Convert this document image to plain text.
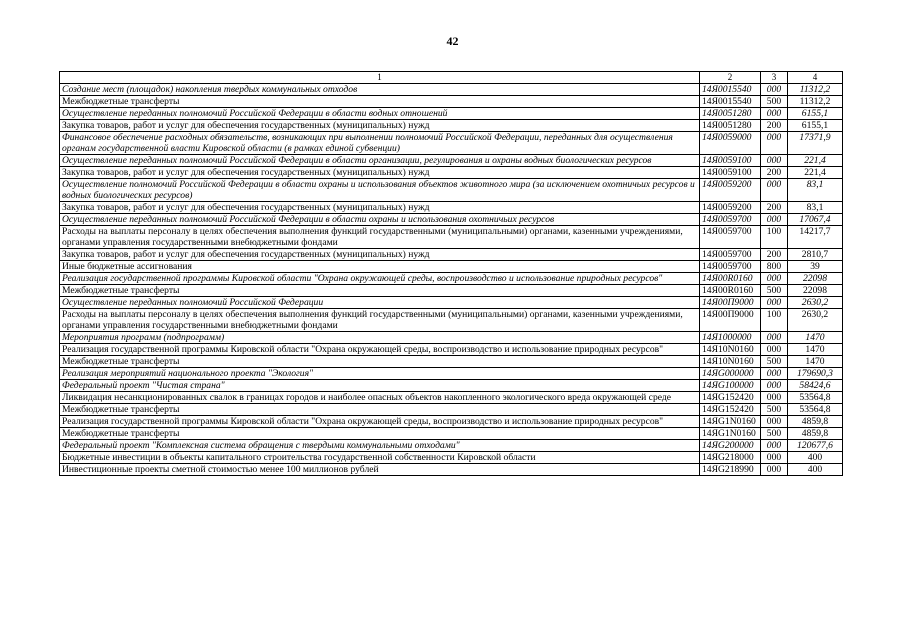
42
1	2	3	4
Создание мест (площадок) накопления твердых коммунальных отходов	14Я0015540	000	11312,2
Межбюджетные трансферты	14Я0015540	500	11312,2
Осуществление переданных полномочий Российской Федерации в области водных отношений	14Я0051280	000	6155,1
Закупка товаров, работ и услуг для обеспечения государственных (муниципальных) нужд	14Я0051280	200	6155,1
Финансовое обеспечение расходных обязательств, возникающих при выполнении полномочий Российской Федерации, переданных для осуществления органам государственной власти Кировской области (в рамках единой субвенции)	14Я0059000	000	17371,9
Осуществление переданных полномочий Российской Федерации в области организации, регулирования и охраны водных биологических ресурсов	14Я0059100	000	221,4
Закупка товаров, работ и услуг для обеспечения государственных (муниципальных) нужд	14Я0059100	200	221,4
Осуществление полномочий Российской Федерации в области охраны и использования объектов животного мира (за исключением охотничьих ресурсов и водных биологических ресурсов)	14Я0059200	000	83,1
Закупка товаров, работ и услуг для обеспечения государственных (муниципальных) нужд	14Я0059200	200	83,1
Осуществление переданных полномочий Российской Федерации в области охраны и использования охотничьих ресурсов	14Я0059700	000	17067,4
Расходы на выплаты персоналу в целях обеспечения выполнения функций государственными (муниципальными) органами, казенными учреждениями, органами управления государственными внебюджетными фондами	14Я0059700	100	14217,7
Закупка товаров, работ и услуг для обеспечения государственных (муниципальных) нужд	14Я0059700	200	2810,7
Иные бюджетные ассигнования	14Я0059700	800	39
Реализация государственной программы Кировской области "Охрана окружающей среды, воспроизводство и использование природных ресурсов"	14Я00R0160	000	22098
Межбюджетные трансферты	14Я00R0160	500	22098
Осуществление переданных полномочий Российской Федерации	14Я00П9000	000	2630,2
Расходы на выплаты персоналу в целях обеспечения выполнения функций государственными (муниципальными) органами, казенными учреждениями, органами управления государственными внебюджетными фондами	14Я00П9000	100	2630,2
Мероприятия программ (подпрограмм)	14Я1000000	000	1470
Реализация государственной программы Кировской области "Охрана окружающей среды, воспроизводство и использование природных ресурсов"	14Я10N0160	000	1470
Межбюджетные трансферты	14Я10N0160	500	1470
Реализация мероприятий национального проекта "Экология"	14ЯG000000	000	179690,3
Федеральный проект "Чистая страна"	14ЯG100000	000	58424,6
Ликвидация несанкционированных свалок в границах городов и наиболее опасных объектов накопленного экологического вреда окружающей среде	14ЯG152420	000	53564,8
Межбюджетные трансферты	14ЯG152420	500	53564,8
Реализация государственной программы Кировской области "Охрана окружающей среды, воспроизводство и использование природных ресурсов"	14ЯG1N0160	000	4859,8
Межбюджетные трансферты	14ЯG1N0160	500	4859,8
Федеральный проект "Комплексная система обращения с твердыми коммунальными отходами"	14ЯG200000	000	120677,6
Бюджетные инвестиции в объекты капитального строительства государственной собственности Кировской области	14ЯG218000	000	400
Инвестиционные проекты сметной стоимостью менее 100 миллионов рублей	14ЯG218990	000	400
